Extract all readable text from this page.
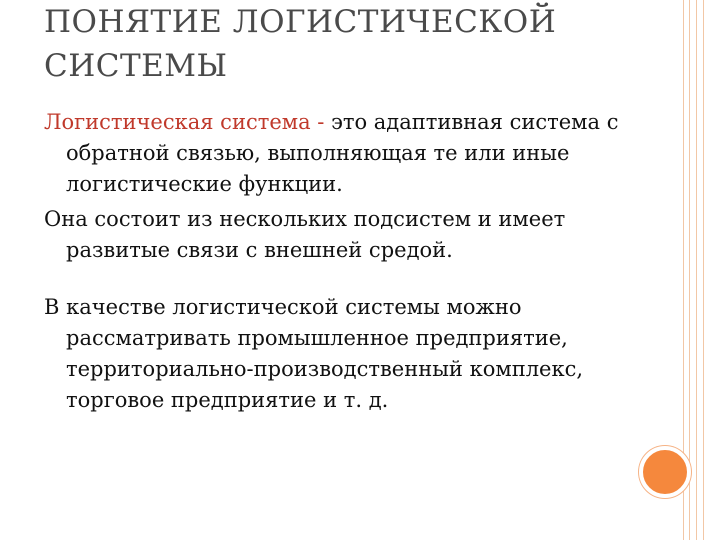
ПОНЯТИЕ ЛОГИСТИЧЕСКОЙ
СИСТЕМЫ

Логистическая система - это адаптивная система с обратной связью, выполняющая те или иные логистические функции.

Она состоит из нескольких подсистем и имеет развитые связи с внешней средой.

В качестве логистической системы можно рассматривать промышленное предприятие, территориально-производственный комплекс, торговое предприятие и т. д.
